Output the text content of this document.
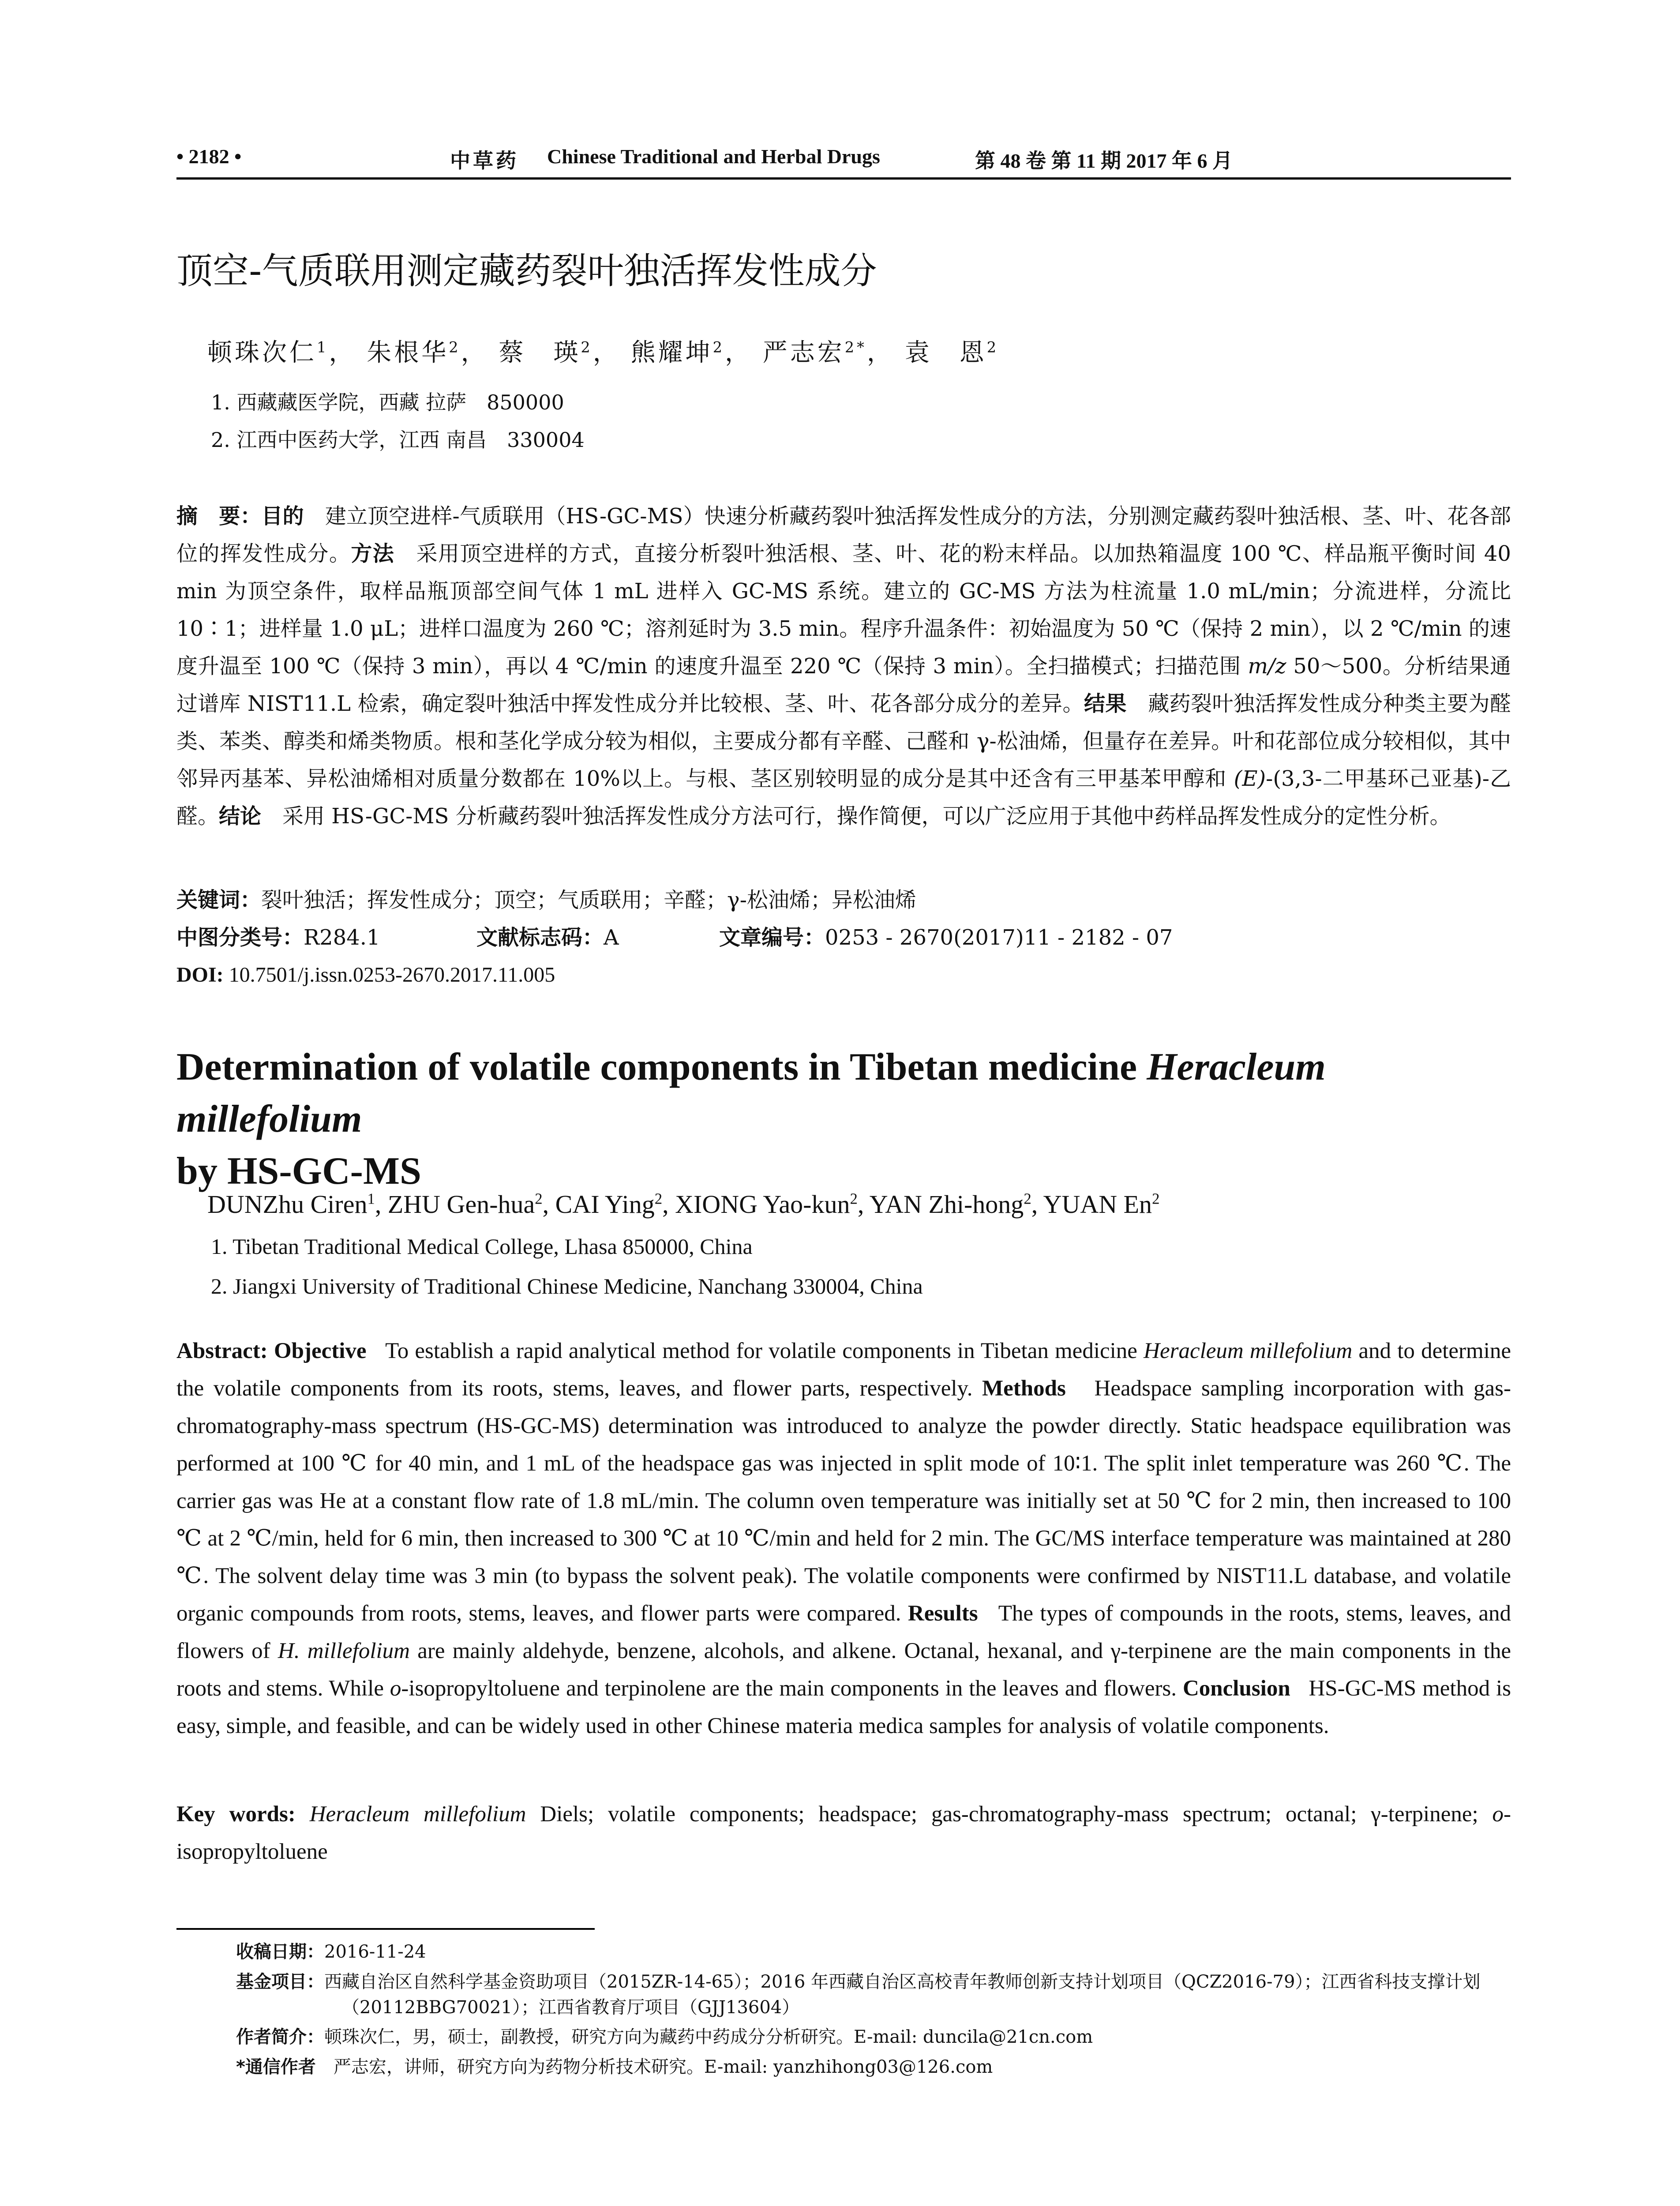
• 2182 •	中草药 Chinese Traditional and Herbal Drugs	第 48 卷 第 11 期 2017 年 6 月
顶空-气质联用测定藏药裂叶独活挥发性成分
顿珠次仁$^1$， 朱根华$^2$， 蔡　瑛$^2$， 熊耀坤$^2$， 严志宏$^{2*}$， 袁　恩$^2$
1. 西藏藏医学院，西藏 拉萨　850000
2. 江西中医药大学，江西 南昌　330004
摘　要：目的　 建立顶空进样-气质联用（HS-GC-MS）快速分析藏药裂叶独活挥发性成分的方法，分别测定藏药裂叶独活根、茎、叶、花各部位的挥发性成分。方法　 采用顶空进样的方式，直接分析裂叶独活根、茎、叶、花的粉末样品。以加热箱温度 100 ℃、样品瓶平衡时间 40 min 为顶空条件，取样品瓶顶部空间气体 1 mL 进样入 GC-MS 系统。建立的 GC-MS 方法为柱流量 1.0 mL/min；分流进样，分流比 10∶1；进样量 1.0 μL；进样口温度为 260 ℃；溶剂延时为 3.5 min。程序升温条件：初始温度为 50 ℃（保持 2 min），以 2 ℃/min 的速度升温至 100 ℃（保持 3 min），再以 4 ℃/min 的速度升温至 220 ℃（保持 3 min）。全扫描模式；扫描范围 m/z 50～500。分析结果通过谱库 NIST11.L 检索，确定裂叶独活中挥发性成分并比较根、茎、叶、花各部分成分的差异。结果　 藏药裂叶独活挥发性成分种类主要为醛类、苯类、醇类和烯类物质。根和茎化学成分较为相似，主要成分都有辛醛、己醛和 γ-松油烯，但量存在差异。叶和花部位成分较相似，其中邻异丙基苯、异松油烯相对质量分数都在 10%以上。与根、茎区别较明显的成分是其中还含有三甲基苯甲醇和 (E)-(3,3-二甲基环己亚基)-乙醛。结论　 采用 HS-GC-MS 分析藏药裂叶独活挥发性成分方法可行，操作简便，可以广泛应用于其他中药样品挥发性成分的定性分析。
关键词：裂叶独活；挥发性成分；顶空；气质联用；辛醛；γ-松油烯；异松油烯
中图分类号：R284.1	文献标志码：A	文章编号：0253 - 2670(2017)11 - 2182 - 07
DOI: 10.7501/j.issn.0253-2670.2017.11.005
Determination of volatile components in Tibetan medicine Heracleum millefolium
by HS-GC-MS
DUNZhu Ciren$^1$, ZHU Gen-hua$^2$, CAI Ying$^2$, XIONG Yao-kun$^2$, YAN Zhi-hong$^2$, YUAN En$^2$
1. Tibetan Traditional Medical College, Lhasa 850000, China
2. Jiangxi University of Traditional Chinese Medicine, Nanchang 330004, China
Abstract: Objective To establish a rapid analytical method for volatile components in Tibetan medicine Heracleum millefolium and to determine the volatile components from its roots, stems, leaves, and flower parts, respectively. Methods Headspace sampling incorporation with gas-chromatography-mass spectrum (HS-GC-MS) determination was introduced to analyze the powder directly. Static headspace equilibration was performed at 100 ℃ for 40 min, and 1 mL of the headspace gas was injected in split mode of 10∶1. The split inlet temperature was 260 ℃. The carrier gas was He at a constant flow rate of 1.8 mL/min. The column oven temperature was initially set at 50 ℃ for 2 min, then increased to 100 ℃ at 2 ℃/min, held for 6 min, then increased to 300 ℃ at 10 ℃/min and held for 2 min. The GC/MS interface temperature was maintained at 280 ℃. The solvent delay time was 3 min (to bypass the solvent peak). The volatile components were confirmed by NIST11.L database, and volatile organic compounds from roots, stems, leaves, and flower parts were compared. Results The types of compounds in the roots, stems, leaves, and flowers of H. millefolium are mainly aldehyde, benzene, alcohols, and alkene. Octanal, hexanal, and γ-terpinene are the main components in the roots and stems. While o-isopropyltoluene and terpinolene are the main components in the leaves and flowers. Conclusion HS-GC-MS method is easy, simple, and feasible, and can be widely used in other Chinese materia medica samples for analysis of volatile components.
Key words: Heracleum millefolium Diels; volatile components; headspace; gas-chromatography-mass spectrum; octanal; γ-terpinene; o-isopropyltoluene
收稿日期：2016-11-24
基金项目：西藏自治区自然科学基金资助项目（2015ZR-14-65）；2016 年西藏自治区高校青年教师创新支持计划项目（QCZ2016-79）；江西省科技支撑计划（20112BBG70021）；江西省教育厅项目（GJJ13604）
作者简介：顿珠次仁，男，硕士，副教授，研究方向为藏药中药成分分析研究。E-mail: duncila@21cn.com
*通信作者　严志宏，讲师，研究方向为药物分析技术研究。E-mail: yanzhihong03@126.com
